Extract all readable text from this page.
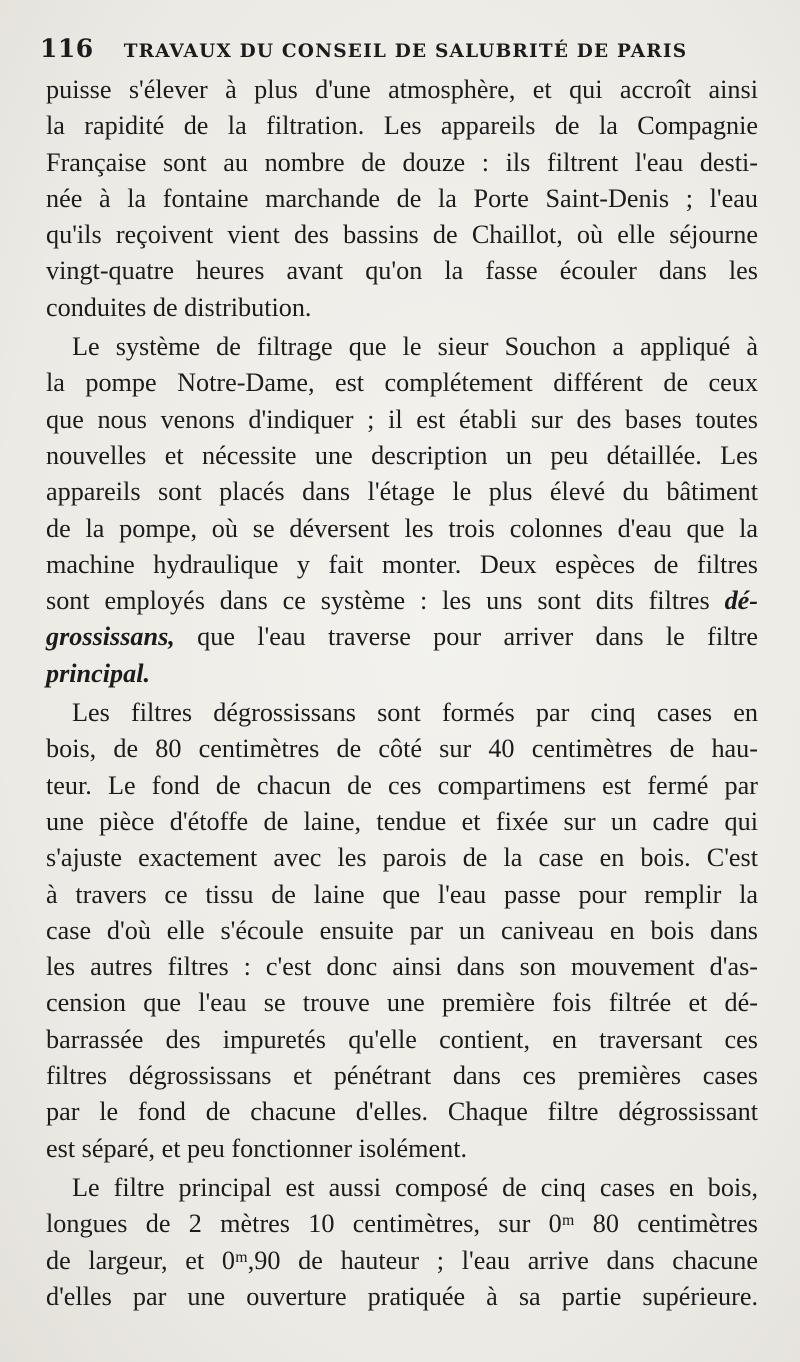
116 TRAVAUX DU CONSEIL DE SALUBRITÉ DE PARIS
puisse s'élever à plus d'une atmosphère, et qui accroît ainsi
la rapidité de la filtration. Les appareils de la Compagnie
Française sont au nombre de douze : ils filtrent l'eau desti-
née à la fontaine marchande de la Porte Saint-Denis ; l'eau
qu'ils reçoivent vient des bassins de Chaillot, où elle séjourne
vingt-quatre heures avant qu'on la fasse écouler dans les
conduites de distribution.
Le système de filtrage que le sieur Souchon a appliqué à
la pompe Notre-Dame, est complétement différent de ceux
que nous venons d'indiquer ; il est établi sur des bases toutes
nouvelles et nécessite une description un peu détaillée. Les
appareils sont placés dans l'étage le plus élevé du bâtiment
de la pompe, où se déversent les trois colonnes d'eau que la
machine hydraulique y fait monter. Deux espèces de filtres
sont employés dans ce système : les uns sont dits filtres dé-
grossissans, que l'eau traverse pour arriver dans le filtre
principal.
Les filtres dégrossissans sont formés par cinq cases en
bois, de 80 centimètres de côté sur 40 centimètres de hau-
teur. Le fond de chacun de ces compartimens est fermé par
une pièce d'étoffe de laine, tendue et fixée sur un cadre qui
s'ajuste exactement avec les parois de la case en bois. C'est
à travers ce tissu de laine que l'eau passe pour remplir la
case d'où elle s'écoule ensuite par un caniveau en bois dans
les autres filtres : c'est donc ainsi dans son mouvement d'as-
cension que l'eau se trouve une première fois filtrée et dé-
barrassée des impuretés qu'elle contient, en traversant ces
filtres dégrossissans et pénétrant dans ces premières cases
par le fond de chacune d'elles. Chaque filtre dégrossissant
est séparé, et peu fonctionner isolément.
Le filtre principal est aussi composé de cinq cases en bois,
longues de 2 mètres 10 centimètres, sur 0ᵐ 80 centimètres
de largeur, et 0ᵐ,90 de hauteur ; l'eau arrive dans chacune
d'elles par une ouverture pratiquée à sa partie supérieure.
